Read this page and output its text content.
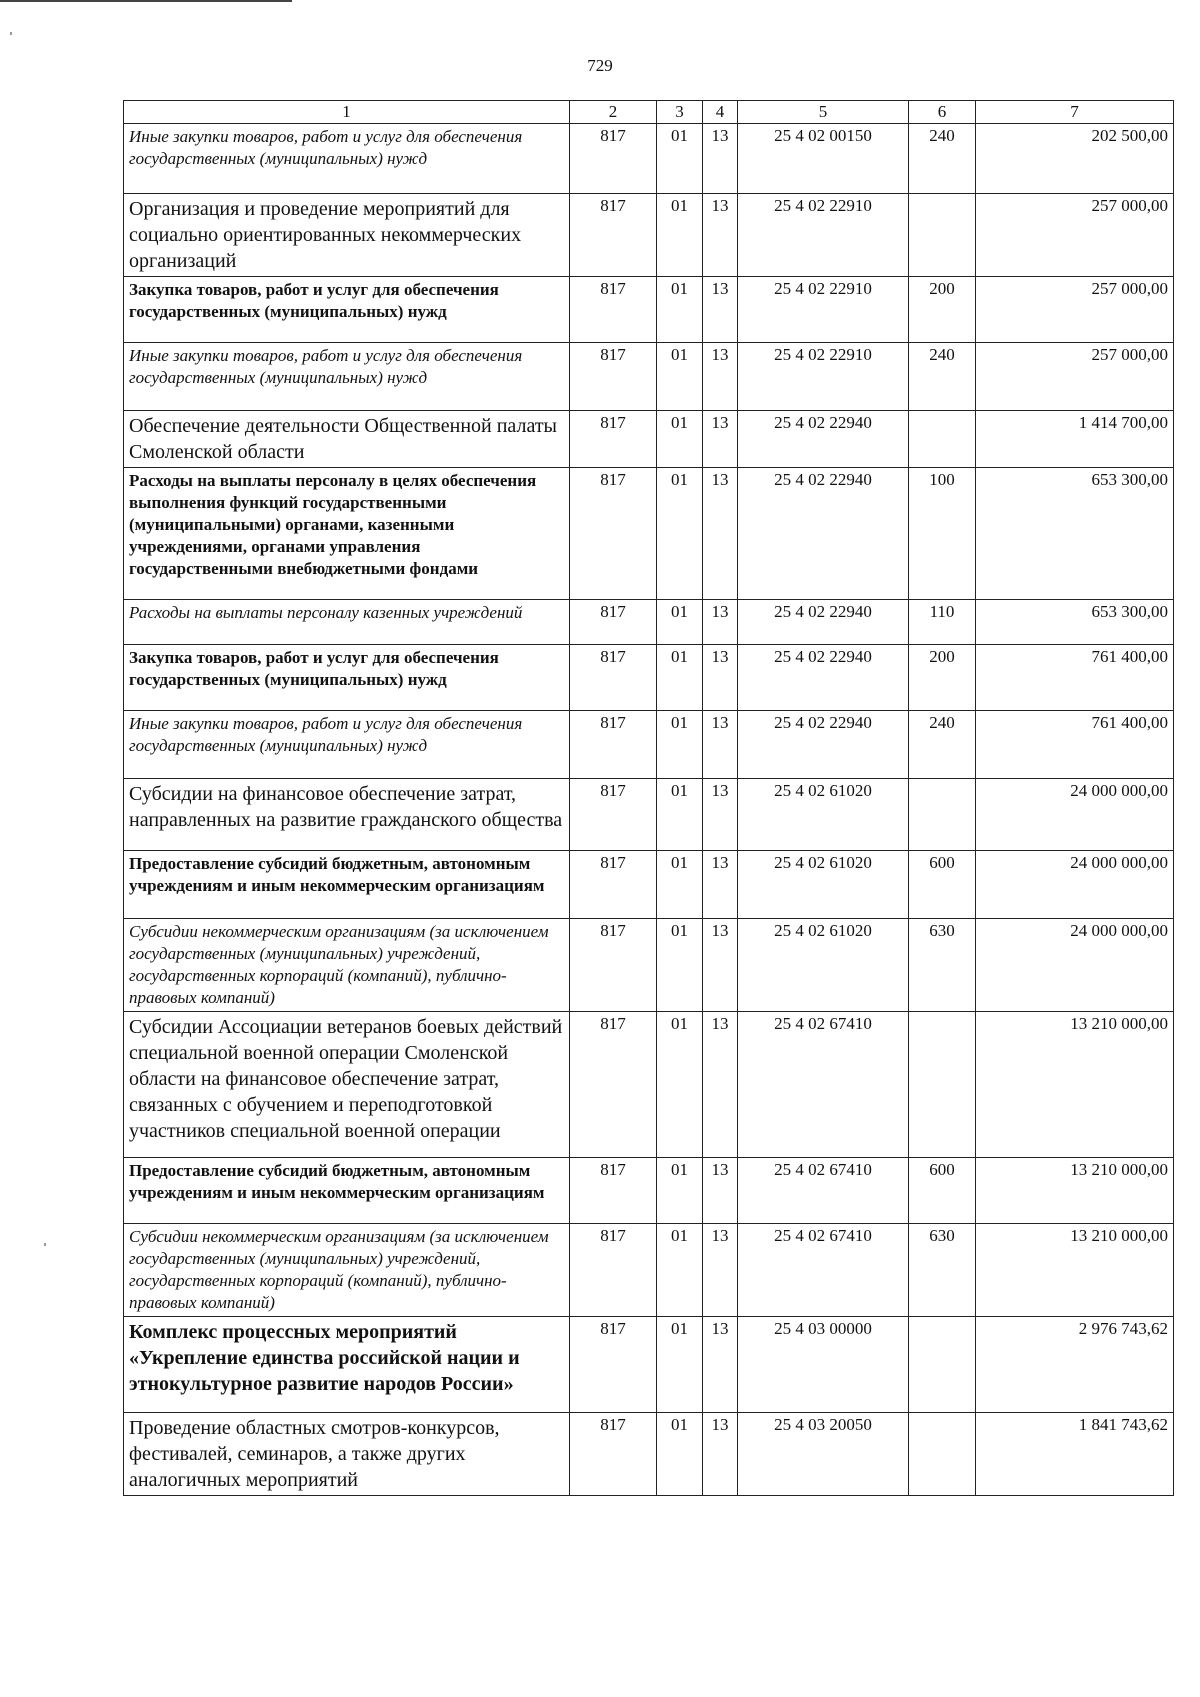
729
1	2	3	4	5	6	7
Иные закупки товаров, работ и услуг для обеспечения государственных (муниципальных) нужд	817	01	13	25 4 02 00150	240	202 500,00
Организация и проведение мероприятий для социально ориентированных некоммерческих организаций	817	01	13	25 4 02 22910		257 000,00
Закупка товаров, работ и услуг для обеспечения государственных (муниципальных) нужд	817	01	13	25 4 02 22910	200	257 000,00
Иные закупки товаров, работ и услуг для обеспечения государственных (муниципальных) нужд	817	01	13	25 4 02 22910	240	257 000,00
Обеспечение деятельности Общественной палаты Смоленской области	817	01	13	25 4 02 22940		1 414 700,00
Расходы на выплаты персоналу в целях обеспечения выполнения функций государственными (муниципальными) органами, казенными учреждениями, органами управления государственными внебюджетными фондами	817	01	13	25 4 02 22940	100	653 300,00
Расходы на выплаты персоналу казенных учреждений	817	01	13	25 4 02 22940	110	653 300,00
Закупка товаров, работ и услуг для обеспечения государственных (муниципальных) нужд	817	01	13	25 4 02 22940	200	761 400,00
Иные закупки товаров, работ и услуг для обеспечения государственных (муниципальных) нужд	817	01	13	25 4 02 22940	240	761 400,00
Субсидии на финансовое обеспечение затрат, направленных на развитие гражданского общества	817	01	13	25 4 02 61020		24 000 000,00
Предоставление субсидий бюджетным, автономным учреждениям и иным некоммерческим организациям	817	01	13	25 4 02 61020	600	24 000 000,00
Субсидии некоммерческим организациям (за исключением государственных (муниципальных) учреждений, государственных корпораций (компаний), публично-правовых компаний)	817	01	13	25 4 02 61020	630	24 000 000,00
Субсидии Ассоциации ветеранов боевых действий специальной военной операции Смоленской области на финансовое обеспечение затрат, связанных с обучением и переподготовкой участников специальной военной операции	817	01	13	25 4 02 67410		13 210 000,00
Предоставление субсидий бюджетным, автономным учреждениям и иным некоммерческим организациям	817	01	13	25 4 02 67410	600	13 210 000,00
Субсидии некоммерческим организациям (за исключением государственных (муниципальных) учреждений, государственных корпораций (компаний), публично-правовых компаний)	817	01	13	25 4 02 67410	630	13 210 000,00
Комплекс процессных мероприятий «Укрепление единства российской нации и этнокультурное развитие народов России»	817	01	13	25 4 03 00000		2 976 743,62
Проведение областных смотров-конкурсов, фестивалей, семинаров, а также других аналогичных мероприятий	817	01	13	25 4 03 20050		1 841 743,62
